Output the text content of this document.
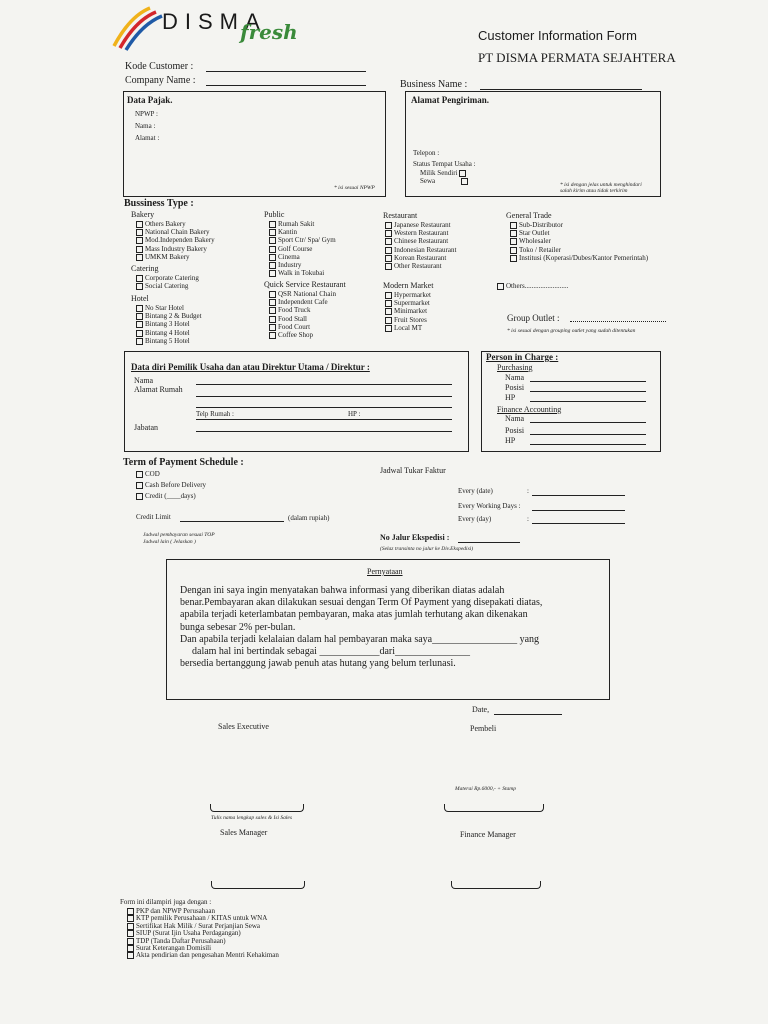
DISMA
fresh	Customer Information Form
PT DISMA PERMATA SEJAHTERA
Kode Customer :
Company Name :	Business Name :
Data Pajak.
NPWP :
Nama :
Alamat :
* isi sesuai NPWP
Alamat Pengiriman.
Telepon :
Status Tempat Usaha :
Milik Sendiri
Sewa	* isi dengan jelas untuk menghindari
salah kirim atau tidak terkirim
Bussiness Type :
Bakery
Others Bakery
National Chain Bakery
Mod.Independen Bakery
Mass Industry Bakery
UMKM Bakery
Catering
Corporate Catering
Social Catering
Hotel
No Star Hotel
Bintang 2 & Budget
Bintang 3 Hotel
Bintang 4 Hotel
Bintang 5 Hotel
Public
Rumah Sakit
Kantin
Sport Ctr/ Spa/ Gym
Golf Course
Cinema
Industry
Walk in Tokubai
Quick Service Restaurant
QSR National Chain
Independent Cafe
Food Truck
Food Stall
Food Court
Coffee Shop
Restaurant
Japanese Restaurant
Western Restaurant
Chinese Restaurant
Indonesian Restaurant
Korean Restaurant
Other Restaurant
Modern Market
Hypermarket
Supermarket
Minimarket
Fruit Stores
Local MT
General Trade
Sub-Distributor
Star Outlet
Wholesaler
Toko / Retailer
Institusi (Koperasi/Dubes/Kantor Pemerintah)
Others.........................
Group Outlet :
* isi sesuai dengan grouping outlet yang sudah ditentukan
Data diri Pemilik Usaha dan atau Direktur Utama / Direktur :
Nama
Alamat Rumah
Telp Rumah :	HP :
Jabatan
Person in Charge :
Purchasing
Nama
Posisi
HP
Finance Accounting
Nama
Posisi
HP
Term of Payment Schedule :
COD
Cash Before Delivery
Credit (____days)
Credit Limit	(dalam rupiah)
Jadwal pembayaran sesuai TOP
Jadwal lain ( Jelaskan )
Jadwal Tukar Faktur
Every (date)	:
Every Working Days :
Every (day)	:
No Jalur Ekspedisi :
(Selaz transinta no jalur ke Div.Ekspedisi)
Pernyataan
Dengan ini saya ingin menyatakan bahwa informasi yang diberikan diatas adalah
benar.Pembayaran akan dilakukan sesuai dengan Term Of Payment yang disepakati diatas,
apabila terjadi keterlambatan pembayaran, maka atas jumlah terhutang akan dikenakan
bunga sebesar 2% per-bulan.
Dan apabila terjadi kelalaian dalam hal pembayaran maka saya_________________ yang
dalam hal ini bertindak sebagai ____________dari_______________
bersedia bertanggung jawab penuh atas hutang yang belum terlunasi.
Date,
Sales Executive	Pembeli
Materai Rp.6000,- + Stamp
Tulis nama lengkap sales & Isi Sales
Sales Manager	Finance Manager
Form ini dilampiri juga dengan :
PKP dan NPWP Perusahaan
KTP pemilik Perusahaan / KITAS untuk WNA
Sertifikat Hak Milik / Surat Perjanjian Sewa
SIUP (Surat Ijin Usaha Perdagangan)
TDP (Tanda Daftar Perusahaan)
Surat Keterangan Domisili
Akta pendirian dan pengesahan Mentri Kehakiman
